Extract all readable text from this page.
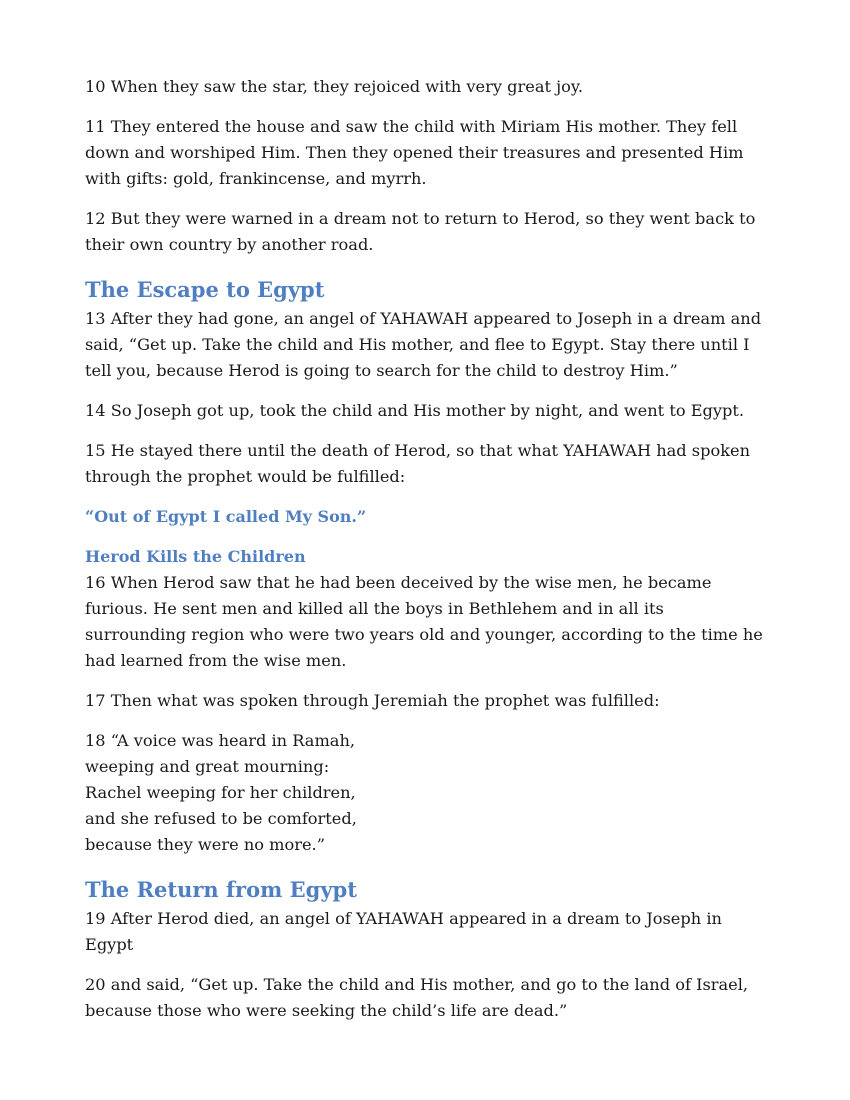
10 When they saw the star, they rejoiced with very great joy.

11 They entered the house and saw the child with Miriam His mother. They fell down and worshiped Him. Then they opened their treasures and presented Him with gifts: gold, frankincense, and myrrh.

12 But they were warned in a dream not to return to Herod, so they went back to their own country by another road.

The Escape to Egypt

13 After they had gone, an angel of YAHAWAH appeared to Joseph in a dream and said, “Get up. Take the child and His mother, and flee to Egypt. Stay there until I tell you, because Herod is going to search for the child to destroy Him.”

14 So Joseph got up, took the child and His mother by night, and went to Egypt.

15 He stayed there until the death of Herod, so that what YAHAWAH had spoken through the prophet would be fulfilled:

“Out of Egypt I called My Son.”

Herod Kills the Children

16 When Herod saw that he had been deceived by the wise men, he became furious. He sent men and killed all the boys in Bethlehem and in all its surrounding region who were two years old and younger, according to the time he had learned from the wise men.

17 Then what was spoken through Jeremiah the prophet was fulfilled:

18 “A voice was heard in Ramah,
weeping and great mourning:
Rachel weeping for her children,
and she refused to be comforted,
because they were no more.”
The Return from Egypt

19 After Herod died, an angel of YAHAWAH appeared in a dream to Joseph in Egypt

20 and said, “Get up. Take the child and His mother, and go to the land of Israel, because those who were seeking the child’s life are dead.”
